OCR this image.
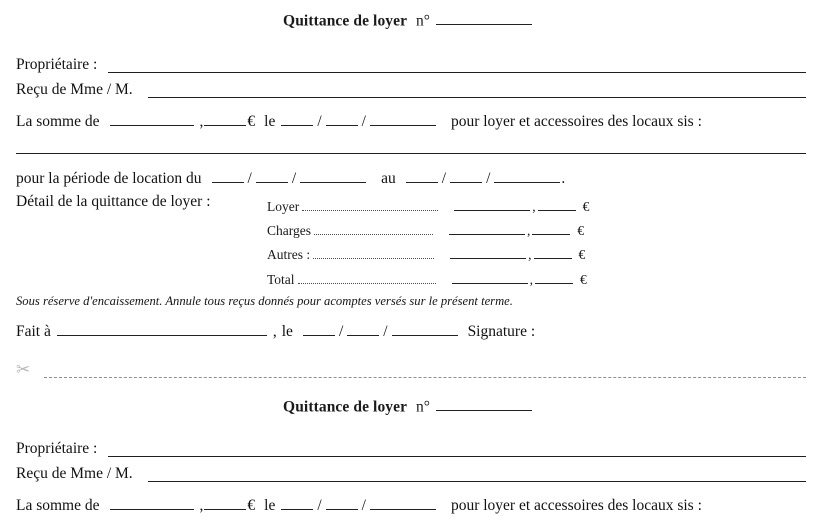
Quittance de loyer n°
Propriétaire :
Reçu de Mme / M.
La somme de	,	€ le	/	/	pour loyer et accessoires des locaux sis :
pour la période de location du	/	/	au	/	/	.
Détail de la quittance de loyer :	Loyer	,	€
Charges	,	€
Autres :	,	€
Total	,	€
Sous réserve d'encaissement. Annule tous reçus donnés pour acomptes versés sur le présent terme.
Fait à	, le	/	/	Signature :
✂
Quittance de loyer n°
Propriétaire :
Reçu de Mme / M.
La somme de	,	€ le	/	/	pour loyer et accessoires des locaux sis :
